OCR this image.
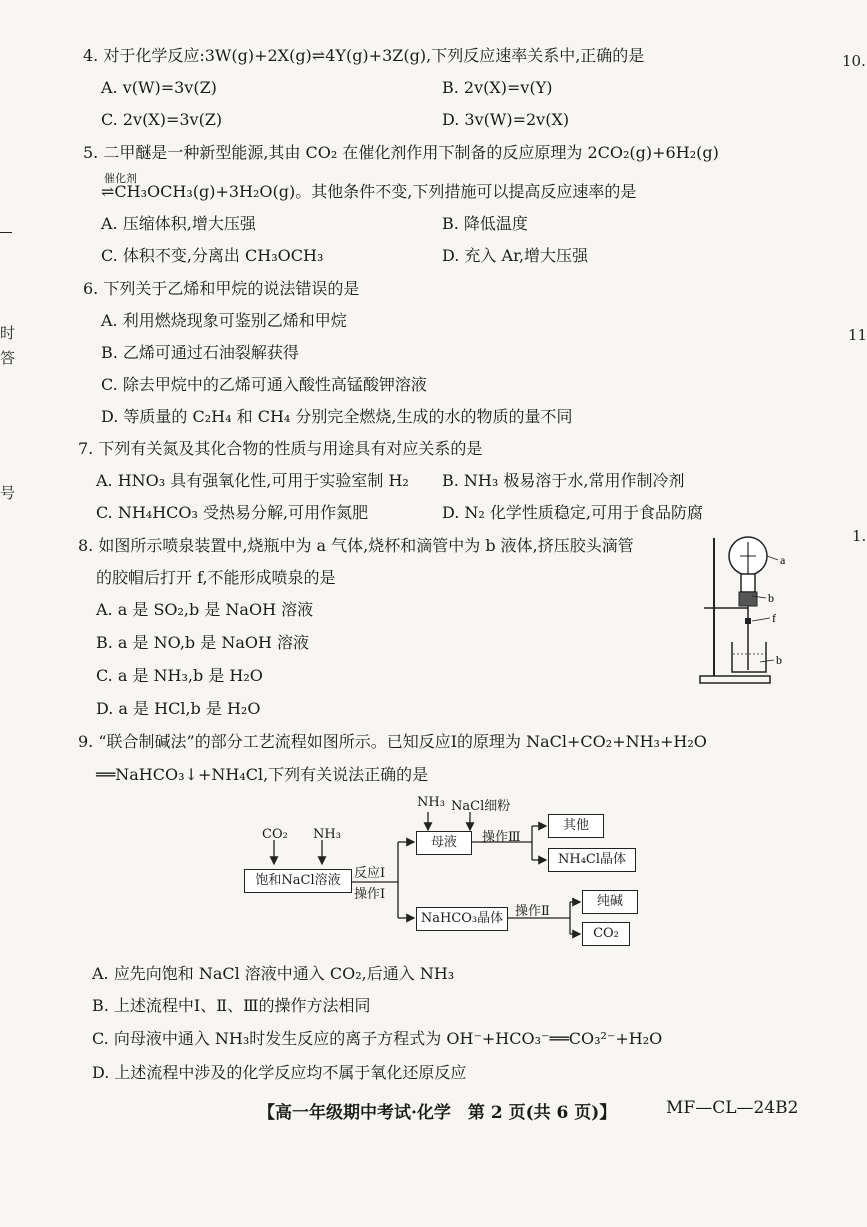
10.
11
1.
时
答
号
4. 对于化学反应:3W(g)+2X(g)⇌4Y(g)+3Z(g),下列反应速率关系中,正确的是
A. v(W)=3v(Z)	B. 2v(X)=v(Y)
C. 2v(X)=3v(Z)	D. 3v(W)=2v(X)
5. 二甲醚是一种新型能源,其由 CO₂ 在催化剂作用下制备的反应原理为 2CO₂(g)+6H₂(g)
催化剂
⇌CH₃OCH₃(g)+3H₂O(g)。其他条件不变,下列措施可以提高反应速率的是
A. 压缩体积,增大压强	B. 降低温度
C. 体积不变,分离出 CH₃OCH₃	D. 充入 Ar,增大压强
6. 下列关于乙烯和甲烷的说法错误的是
A. 利用燃烧现象可鉴别乙烯和甲烷
B. 乙烯可通过石油裂解获得
C. 除去甲烷中的乙烯可通入酸性高锰酸钾溶液
D. 等质量的 C₂H₄ 和 CH₄ 分别完全燃烧,生成的水的物质的量不同
7. 下列有关氮及其化合物的性质与用途具有对应关系的是
A. HNO₃ 具有强氧化性,可用于实验室制 H₂ B. NH₃ 极易溶于水,常用作制冷剂
C. NH₄HCO₃ 受热易分解,可用作氮肥	D. N₂ 化学性质稳定,可用于食品防腐
8. 如图所示喷泉装置中,烧瓶中为 a 气体,烧杯和滴管中为 b 液体,挤压胶头滴管
的胶帽后打开 f,不能形成喷泉的是
A. a 是 SO₂,b 是 NaOH 溶液
B. a 是 NO,b 是 NaOH 溶液
C. a 是 NH₃,b 是 H₂O
D. a 是 HCl,b 是 H₂O
a
b
f
b
9. “联合制碱法”的部分工艺流程如图所示。已知反应Ⅰ的原理为 NaCl+CO₂+NH₃+H₂O
══NaHCO₃↓+NH₄Cl,下列有关说法正确的是
CO₂ NH₃
饱和NaCl溶液	反应Ⅰ
操作Ⅰ
NH₃ NaCl细粉
母液	操作Ⅲ
其他
NH₄Cl晶体
NaHCO₃晶体 操作Ⅱ
纯碱
CO₂
A. 应先向饱和 NaCl 溶液中通入 CO₂,后通入 NH₃
B. 上述流程中Ⅰ、Ⅱ、Ⅲ的操作方法相同
C. 向母液中通入 NH₃时发生反应的离子方程式为 OH⁻+HCO₃⁻══CO₃²⁻+H₂O
D. 上述流程中涉及的化学反应均不属于氧化还原反应
【高一年级期中考试·化学　第 2 页(共 6 页)】	MF—CL—24B2
